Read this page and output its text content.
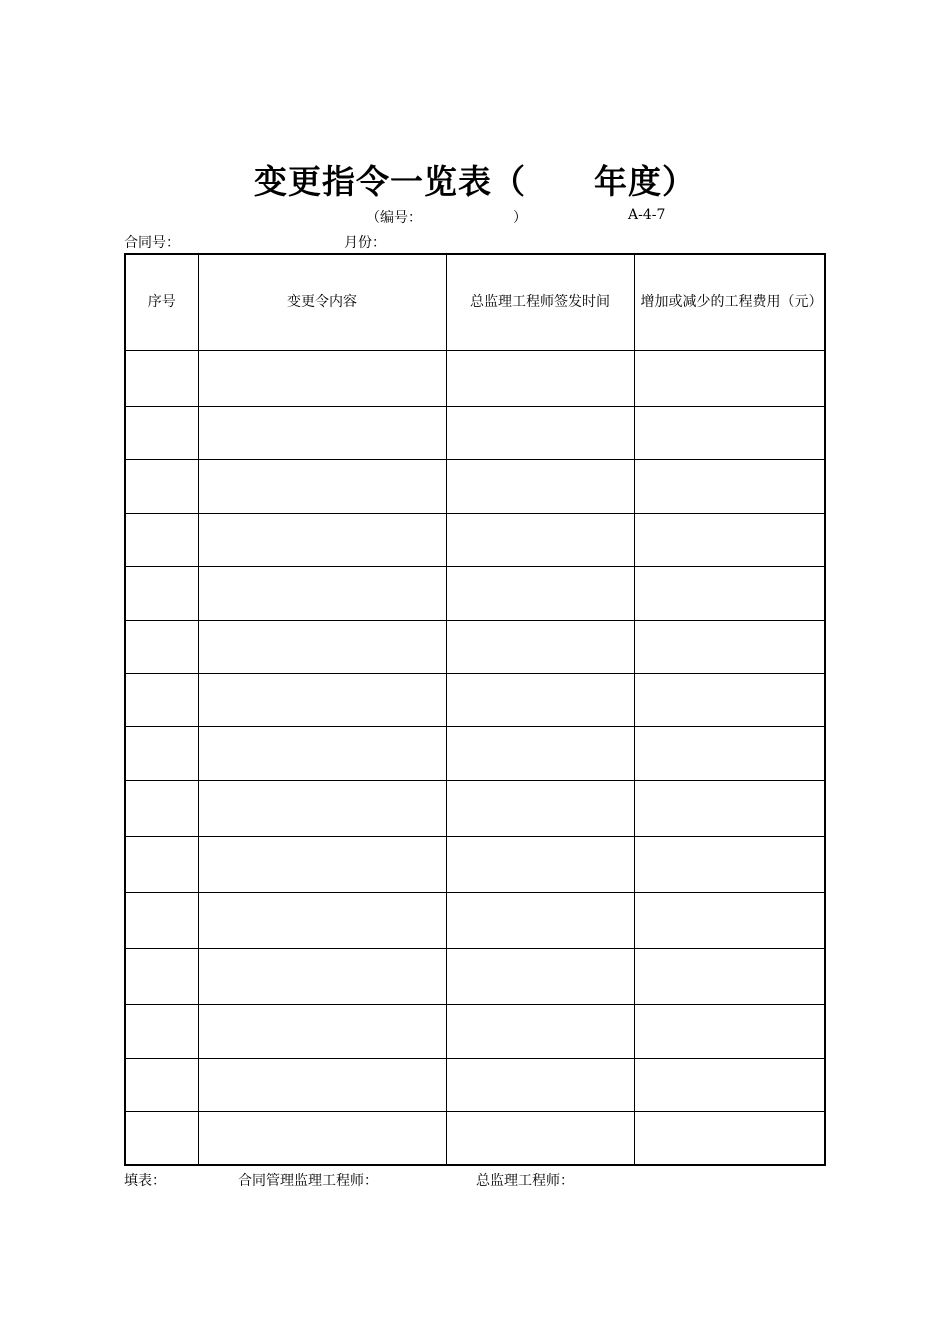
变更指令一览表（　　年度）
（编号：　　　　　　　）	A-4-7
合同号：	月份：
序号	变更令内容	总监理工程师签发时间	增加或减少的工程费用（元）

填表：	合同管理监理工程师：	总监理工程师：
